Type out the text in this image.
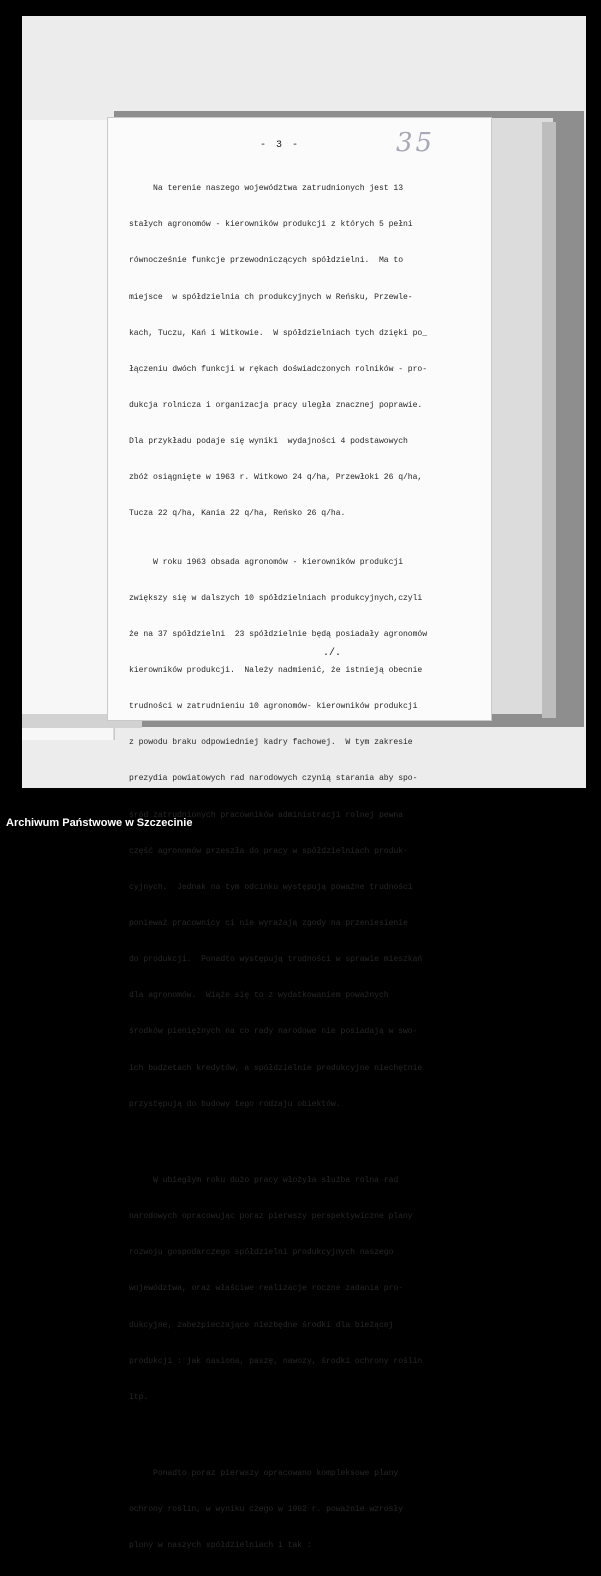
- 3 -	35

Na terenie naszego województwa zatrudnionych jest 13

stałych agronomów - kierowników produkcji z których 5 pełni

równocześnie funkcje przewodniczących spółdzielni.  Ma to

miejsce  w spółdzielnia ch produkcyjnych w Reńsku, Przewle-

kach, Tuczu, Kań i Witkowie.  W spółdzielniach tych dzięki po_

łączeniu dwóch funkcji w rękach doświadczonych rolników - pro-

dukcja rolnicza i organizacja pracy uległa znacznej poprawie.

Dla przykładu podaje się wyniki  wydajności 4 podstawowych

zbóż osiągnięte w 1963 r. Witkowo 24 q/ha, Przewłoki 26 q/ha,

Tucza 22 q/ha, Kania 22 q/ha, Reńsko 26 q/ha.

W roku 1963 obsada agronomów - kierowników produkcji

zwiększy się w dalszych 10 spółdzielniach produkcyjnych,czyli

że na 37 spółdzielni  23 spółdzielnie będą posiadały agronomów

kierowników produkcji.  Należy nadmienić, że istnieją obecnie

trudności w zatrudnieniu 10 agronomów- kierowników produkcji

z powodu braku odpowiedniej kadry fachowej.  W tym zakresie

prezydia powiatowych rad narodowych czynią starania aby spo-

śród zatrudnionych pracowników administracji rolnej pewna

część agronomów przeszła do pracy w spółdzielniach produk-

cyjnych.  Jednak na tym odcinku występują poważne trudności

ponieważ pracownicy ci nie wyrażają zgody na przeniesienie

do produkcji.  Ponadto występują trudności w sprawie mieszkań

dla agronomów.  Wiąże się to z wydatkowaniem poważnych

środków pieniężnych na co rady narodowe nie posiadają w swo-

ich budżetach kredytów, a spółdzielnie produkcyjne niechętnie

przystępują do budowy tego rodzaju obiektów.

W ubiegłym roku dużo pracy włożyła służba rolna rad

narodowych opracowując poraz pierwszy perspektywiczne plany

rozwoju gospodarczego spółdzielni produkcyjnych naszego

województwa, oraz właściwe realizacje roczne zadania pro-

dukcyjne, zabezpieczające niezbędne środki dla bieżącej

produkcji : jak nasiona, paszę, nawozy, środki ochrony roślin

itp.

Ponadto poraz pierwszy opracowano kompleksowe plany

ochrony roślin, w wyniku czego w 1962 r. poważnie wzrosły

plony w naszych spółdzielniach i tak :

./.
Archiwum Państwowe w Szczecinie
